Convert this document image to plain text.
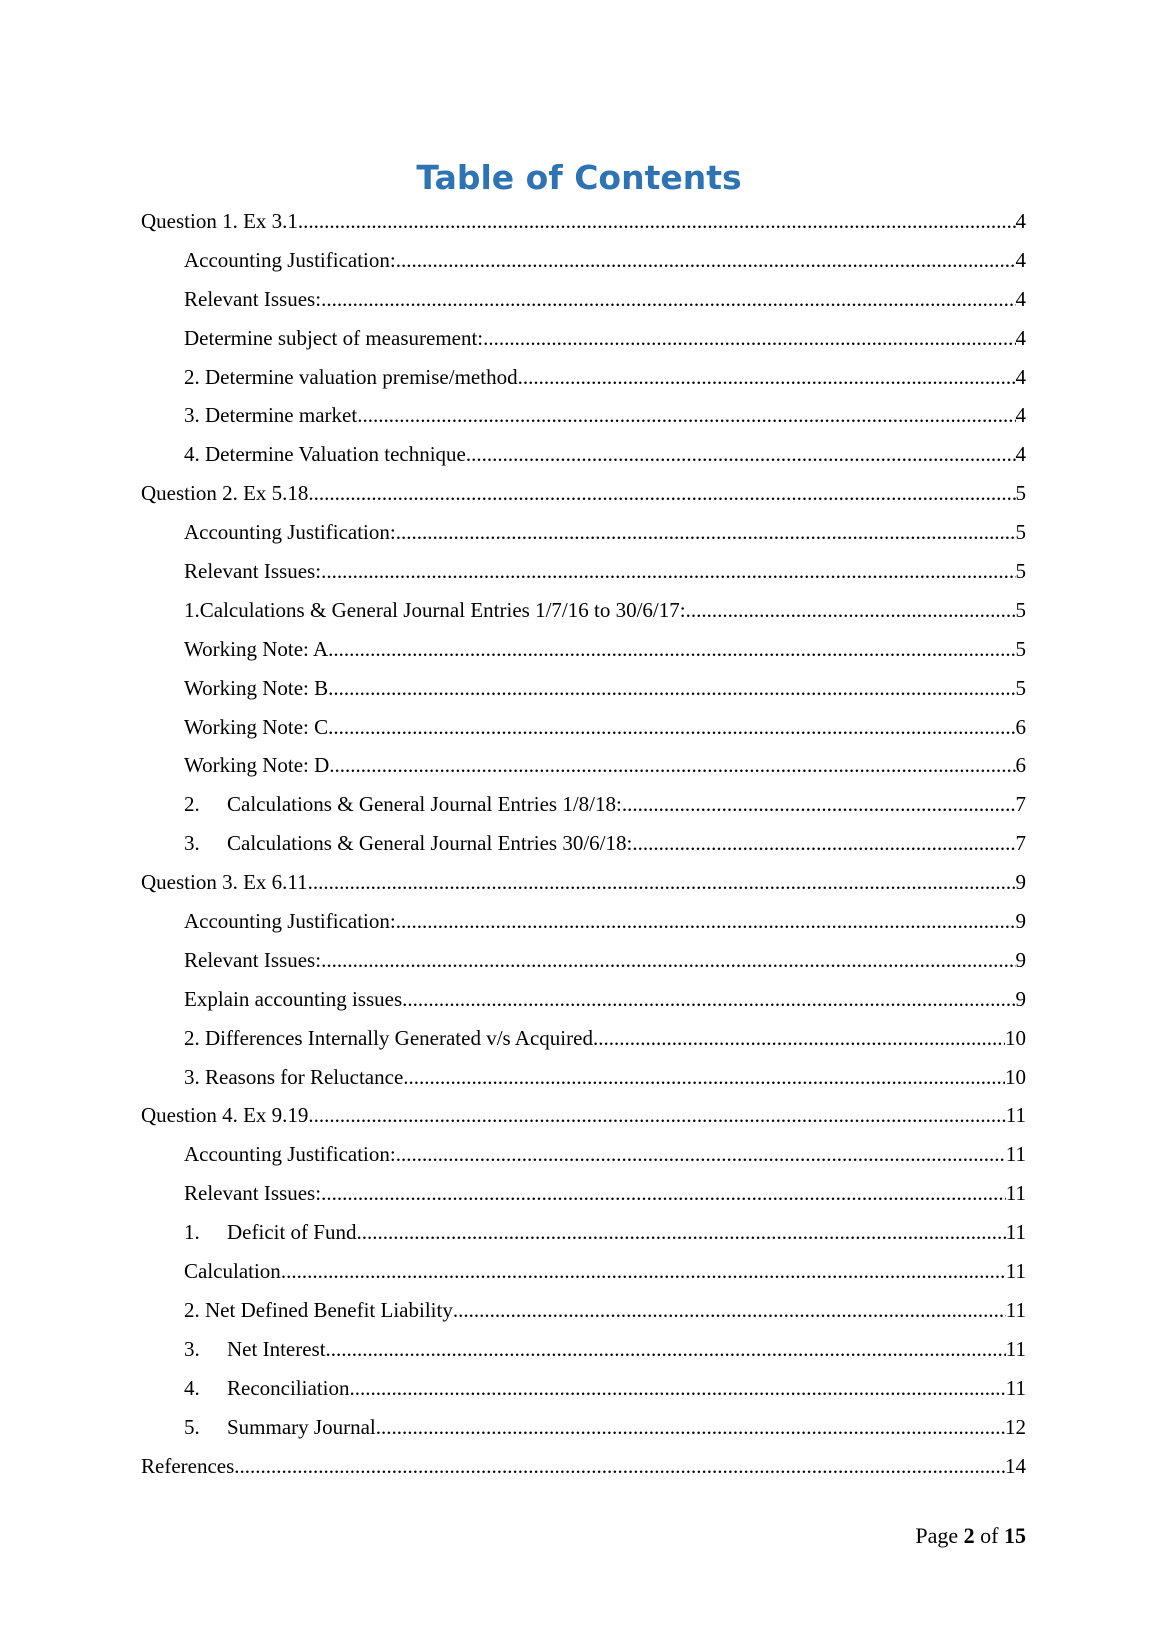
Table of Contents
Question 1. Ex 3.1 .....	4
Accounting Justification: .....	4
Relevant Issues: .....	4
Determine subject of measurement: .....	4
2. Determine valuation premise/method .....	4
3. Determine market .....	4
4. Determine Valuation technique .....	4
Question 2. Ex 5.18 .....	5
Accounting Justification: .....	5
Relevant Issues: .....	5
1.Calculations & General Journal Entries 1/7/16 to 30/6/17: .....	5
Working Note: A .....	5
Working Note: B .....	5
Working Note: C .....	6
Working Note: D .....	6
2.	Calculations & General Journal Entries 1/8/18: .....	7
3.	Calculations & General Journal Entries 30/6/18: .....	7
Question 3. Ex 6.11 .....	9
Accounting Justification: .....	9
Relevant Issues: .....	9
Explain accounting issues .....	9
2. Differences Internally Generated v/s Acquired .....	10
3. Reasons for Reluctance .....	10
Question 4. Ex 9.19 .....	11
Accounting Justification: .....	11
Relevant Issues: .....	11
1.	Deficit of Fund .....	11
Calculation .....	11
2. Net Defined Benefit Liability .....	11
3.	Net Interest .....	11
4.	Reconciliation .....	11
5.	Summary Journal .....	12
References .....	14
Page 2 of 15
